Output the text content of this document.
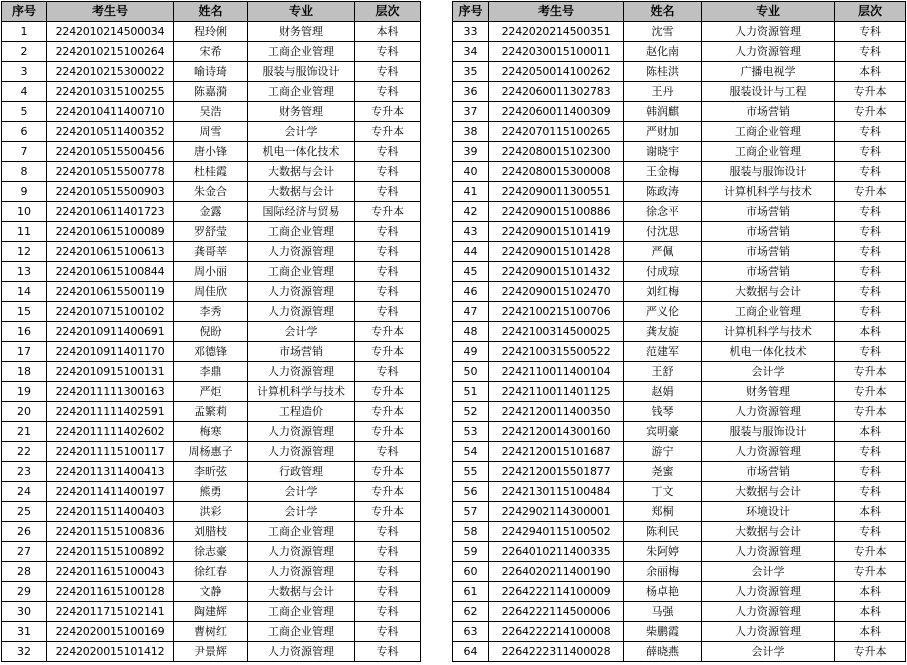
序号	考生号	姓名	专业	层次
1	2242010214500034	程玲俐	财务管理	本科
2	2242010215100264	宋希	工商企业管理	专科
3	2242010215300022	喻诗琦	服装与服饰设计	专科
4	2242010315100255	陈嘉漪	工商企业管理	专科
5	2242010411400710	吴浩	财务管理	专升本
6	2242010511400352	周雪	会计学	专升本
7	2242010515500456	唐小锋	机电一体化技术	专科
8	2242010515500778	杜桂霞	大数据与会计	专科
9	2242010515500903	朱金合	大数据与会计	专科
10	2242010611401723	金露	国际经济与贸易	专升本
11	2242010615100089	罗舒莹	工商企业管理	专科
12	2242010615100613	龚哥莘	人力资源管理	专科
13	2242010615100844	周小丽	工商企业管理	专科
14	2242010615500119	周佳欣	人力资源管理	专科
15	2242010715100102	李秀	人力资源管理	专科
16	2242010911400691	倪盼	会计学	专升本
17	2242010911401170	邓德锋	市场营销	专升本
18	2242010915100131	李鼎	人力资源管理	专科
19	2242011111300163	严炬	计算机科学与技术	专升本
20	2242011111402591	孟繁莉	工程造价	专升本
21	2242011111402602	梅寒	人力资源管理	专升本
22	2242011115100117	周杨惠子	人力资源管理	专科
23	2242011311400413	李昕弦	行政管理	专升本
24	2242011411400197	熊勇	会计学	专升本
25	2242011511400403	洪彩	会计学	专升本
26	2242011515100836	刘腊枝	工商企业管理	专科
27	2242011515100892	徐志豪	人力资源管理	专科
28	2242011615100043	徐红春	人力资源管理	专科
29	2242011615100128	文静	大数据与会计	专科
30	2242011715102141	陶建辉	工商企业管理	专科
31	2242020015100169	曹树红	工商企业管理	专科
32	2242020015101412	尹景辉	人力资源管理	专科
序号	考生号	姓名	专业	层次
33	2242020214500351	沈雪	人力资源管理	专科
34	2242030015100011	赵化南	人力资源管理	专科
35	2242050014100262	陈桂洪	广播电视学	本科
36	2242060011302783	王丹	服装设计与工程	专升本
37	2242060011400309	韩润麒	市场营销	专升本
38	2242070115100265	严财加	工商企业管理	专科
39	2242080015102300	谢晓宇	工商企业管理	专科
40	2242080015300008	王金梅	服装与服饰设计	专科
41	2242090011300551	陈政涛	计算机科学与技术	专升本
42	2242090015100886	徐念平	市场营销	专科
43	2242090015101419	付沈思	市场营销	专科
44	2242090015101428	严佩	市场营销	专科
45	2242090015101432	付成琼	市场营销	专科
46	2242090015102470	刘红梅	大数据与会计	专科
47	2242100215100706	严义伦	工商企业管理	专科
48	2242100314500025	龚友旋	计算机科学与技术	本科
49	2242100315500522	范建军	机电一体化技术	专科
50	2242110011400104	王舒	会计学	专升本
51	2242110011401125	赵娟	财务管理	专升本
52	2242120011400350	钱琴	人力资源管理	专升本
53	2242120014300160	宾明豪	服装与服饰设计	本科
54	2242120015101687	游宁	人力资源管理	专科
55	2242120015501877	尧蜜	市场营销	专科
56	2242130115100484	丁文	大数据与会计	专科
57	2242902114300001	郑桐	环境设计	本科
58	2242940115100502	陈利民	大数据与会计	专科
59	2264010211400335	朱阿婷	人力资源管理	专升本
60	2264020211400190	余丽梅	会计学	专升本
61	2264222114100009	杨卓艳	人力资源管理	本科
62	2264222114500006	马强	人力资源管理	本科
63	2264222214100008	柴鹏霞	人力资源管理	本科
64	2264222311400028	薛晓燕	会计学	专升本
